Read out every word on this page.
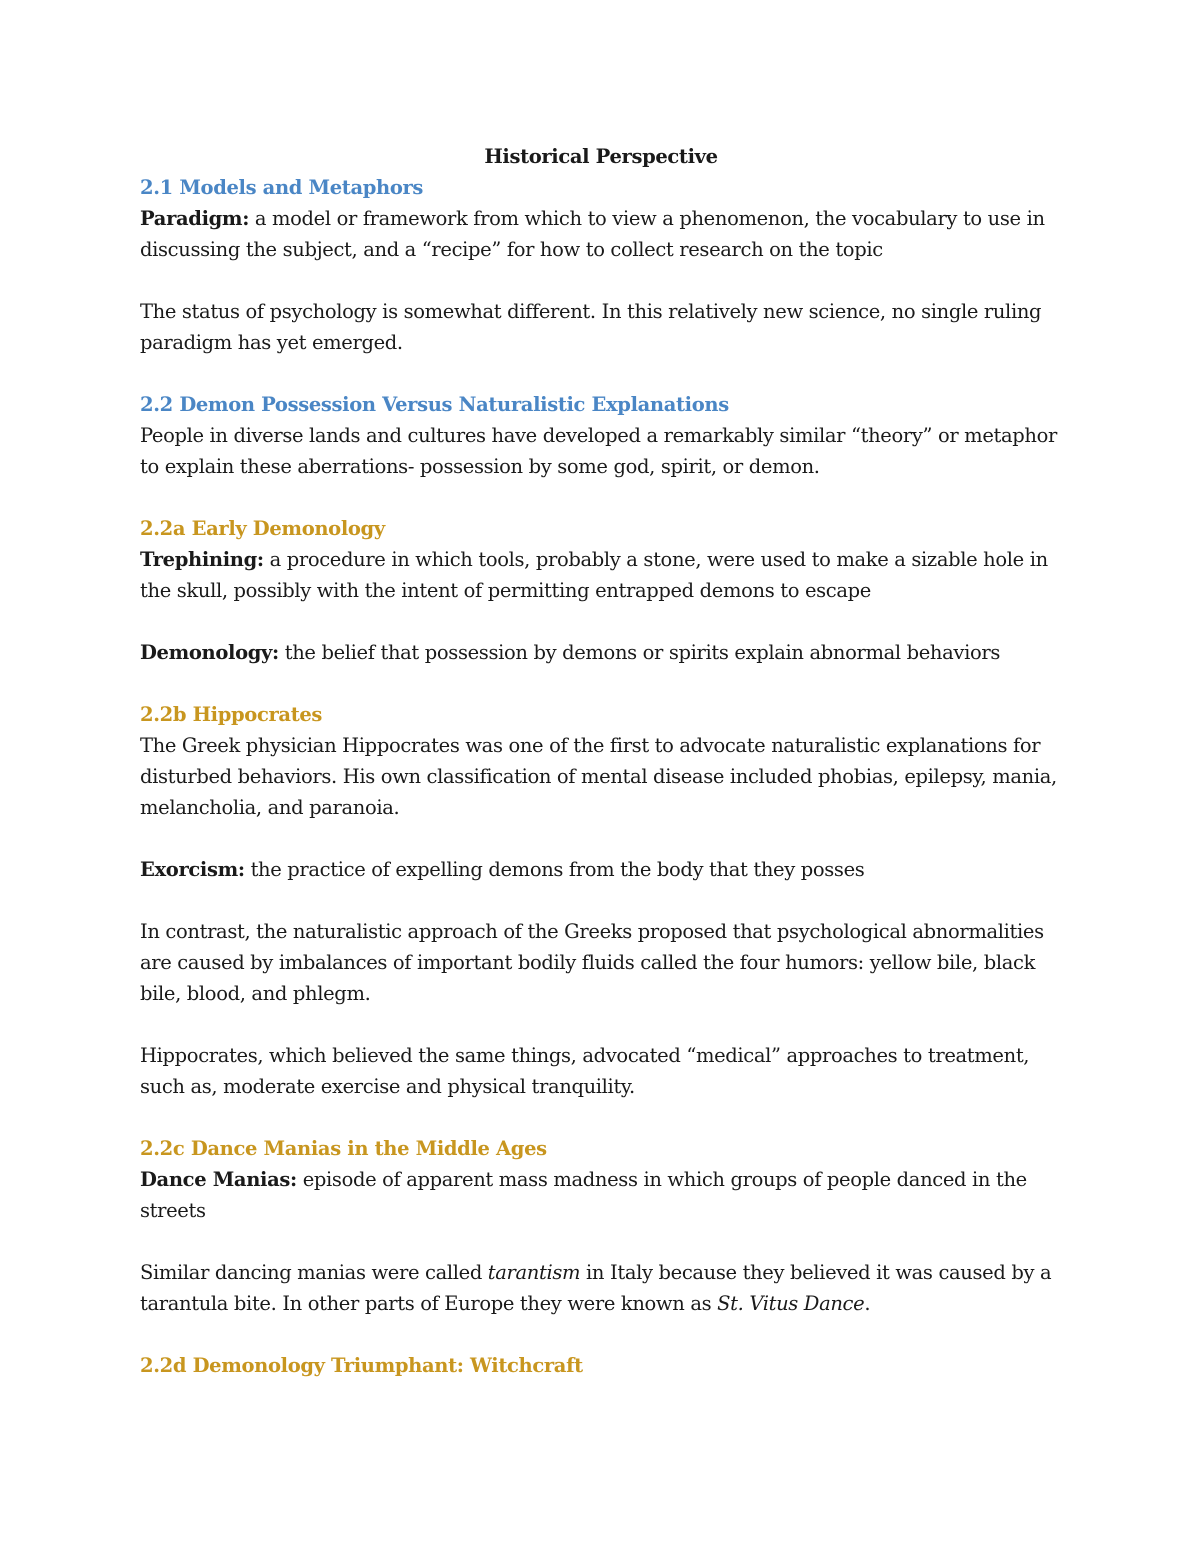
Historical Perspective

2.1 Models and Metaphors

Paradigm: a model or framework from which to view a phenomenon, the vocabulary to use in discussing the subject, and a “recipe” for how to collect research on the topic

The status of psychology is somewhat different. In this relatively new science, no single ruling paradigm has yet emerged.

2.2 Demon Possession Versus Naturalistic Explanations

People in diverse lands and cultures have developed a remarkably similar “theory” or metaphor to explain these aberrations- possession by some god, spirit, or demon.

2.2a Early Demonology

Trephining: a procedure in which tools, probably a stone, were used to make a sizable hole in the skull, possibly with the intent of permitting entrapped demons to escape

Demonology: the belief that possession by demons or spirits explain abnormal behaviors

2.2b Hippocrates

The Greek physician Hippocrates was one of the first to advocate naturalistic explanations for disturbed behaviors. His own classification of mental disease included phobias, epilepsy, mania, melancholia, and paranoia.

Exorcism: the practice of expelling demons from the body that they posses

In contrast, the naturalistic approach of the Greeks proposed that psychological abnormalities are caused by imbalances of important bodily fluids called the four humors: yellow bile, black bile, blood, and phlegm.

Hippocrates, which believed the same things, advocated “medical” approaches to treatment, such as, moderate exercise and physical tranquility.

2.2c Dance Manias in the Middle Ages

Dance Manias: episode of apparent mass madness in which groups of people danced in the streets

Similar dancing manias were called tarantism in Italy because they believed it was caused by a tarantula bite. In other parts of Europe they were known as St. Vitus Dance.

2.2d Demonology Triumphant: Witchcraft
